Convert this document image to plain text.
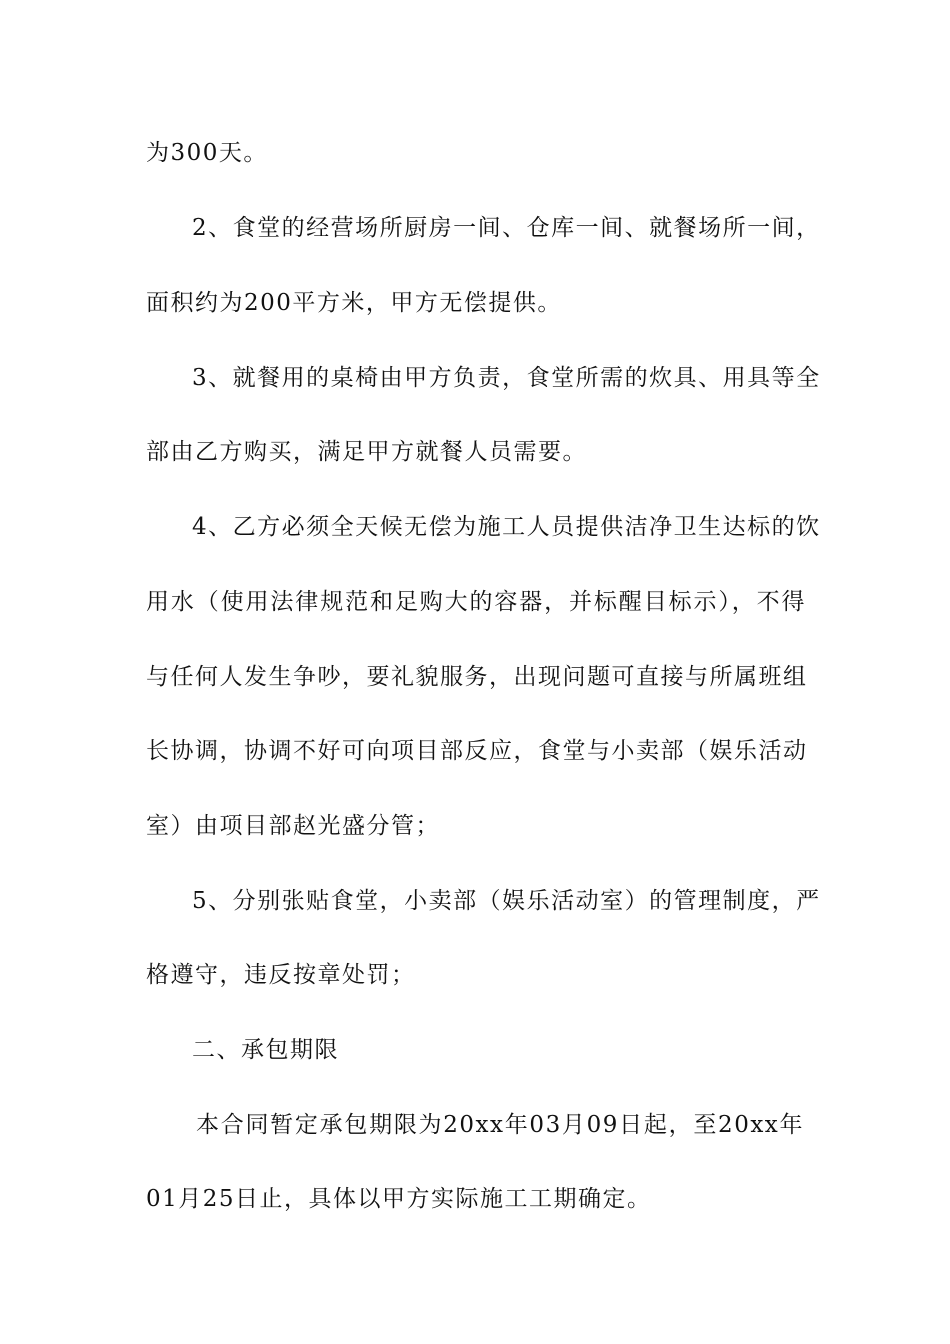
为300天。
2、食堂的经营场所厨房一间、仓库一间、就餐场所一间，
面积约为200平方米，甲方无偿提供。
3、就餐用的桌椅由甲方负责，食堂所需的炊具、用具等全
部由乙方购买，满足甲方就餐人员需要。
4、乙方必须全天候无偿为施工人员提供洁净卫生达标的饮
用水（使用法律规范和足购大的容器，并标醒目标示），不得
与任何人发生争吵，要礼貌服务，出现问题可直接与所属班组
长协调，协调不好可向项目部反应，食堂与小卖部（娱乐活动
室）由项目部赵光盛分管；
5、分别张贴食堂，小卖部（娱乐活动室）的管理制度，严
格遵守，违反按章处罚；
二、承包期限
本合同暂定承包期限为20xx年03月09日起，至20xx年
01月25日止，具体以甲方实际施工工期确定。
